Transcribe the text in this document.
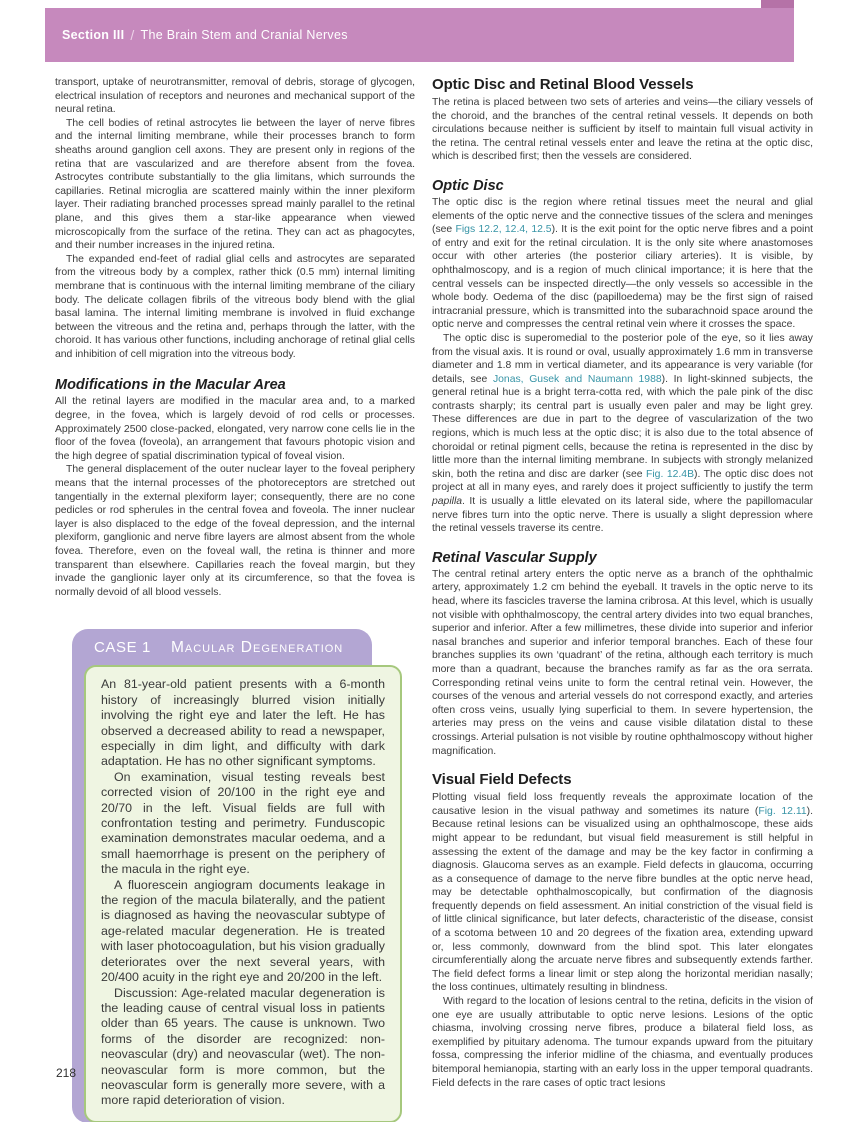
Section III / The Brain Stem and Cranial Nerves

transport, uptake of neurotransmitter, removal of debris, storage of glycogen, electrical insulation of receptors and neurones and mechanical support of the neural retina.

The cell bodies of retinal astrocytes lie between the layer of nerve fibres and the internal limiting membrane, while their processes branch to form sheaths around ganglion cell axons. They are present only in regions of the retina that are vascularized and are therefore absent from the fovea. Astrocytes contribute substantially to the glia limitans, which surrounds the capillaries. Retinal microglia are scattered mainly within the inner plexiform layer. Their radiating branched processes spread mainly parallel to the retinal plane, and this gives them a star-like appearance when viewed microscopically from the surface of the retina. They can act as phagocytes, and their number increases in the injured retina.

The expanded end-feet of radial glial cells and astrocytes are separated from the vitreous body by a complex, rather thick (0.5 mm) internal limiting membrane that is continuous with the internal limiting membrane of the ciliary body. The delicate collagen fibrils of the vitreous body blend with the glial basal lamina. The internal limiting membrane is involved in fluid exchange between the vitreous and the retina and, perhaps through the latter, with the choroid. It has various other functions, including anchorage of retinal glial cells and inhibition of cell migration into the vitreous body.

Modifications in the Macular Area

All the retinal layers are modified in the macular area and, to a marked degree, in the fovea, which is largely devoid of rod cells or processes. Approximately 2500 close-packed, elongated, very narrow cone cells lie in the floor of the fovea (foveola), an arrangement that favours photopic vision and the high degree of spatial discrimination typical of foveal vision.

The general displacement of the outer nuclear layer to the foveal periphery means that the internal processes of the photoreceptors are stretched out tangentially in the external plexiform layer; consequently, there are no cone pedicles or rod spherules in the central fovea and foveola. The inner nuclear layer is also displaced to the edge of the foveal depression, and the internal plexiform, ganglionic and nerve fibre layers are almost absent from the whole fovea. Therefore, even on the foveal wall, the retina is thinner and more transparent than elsewhere. Capillaries reach the foveal margin, but they invade the ganglionic layer only at its circumference, so that the fovea is normally devoid of all blood vessels.

CASE 1 Macular Degeneration

An 81-year-old patient presents with a 6-month history of increasingly blurred vision initially involving the right eye and later the left. He has observed a decreased ability to read a newspaper, especially in dim light, and difficulty with dark adaptation. He has no other significant symptoms.

On examination, visual testing reveals best corrected vision of 20/100 in the right eye and 20/70 in the left. Visual fields are full with confrontation testing and perimetry. Funduscopic examination demonstrates macular oedema, and a small haemorrhage is present on the periphery of the macula in the right eye.

A fluorescein angiogram documents leakage in the region of the macula bilaterally, and the patient is diagnosed as having the neovascular subtype of age-related macular degeneration. He is treated with laser photocoagulation, but his vision gradually deteriorates over the next several years, with 20/400 acuity in the right eye and 20/200 in the left.

Discussion: Age-related macular degeneration is the leading cause of central visual loss in patients older than 65 years. The cause is unknown. Two forms of the disorder are recognized: non-neovascular (dry) and neovascular (wet). The non-neovascular form is more common, but the neovascular form is generally more severe, with a more rapid deterioration of vision.

Optic Disc and Retinal Blood Vessels

The retina is placed between two sets of arteries and veins—the ciliary vessels of the choroid, and the branches of the central retinal vessels. It depends on both circulations because neither is sufficient by itself to maintain full visual activity in the retina. The central retinal vessels enter and leave the retina at the optic disc, which is described first; then the vessels are considered.

Optic Disc

The optic disc is the region where retinal tissues meet the neural and glial elements of the optic nerve and the connective tissues of the sclera and meninges (see Figs 12.2, 12.4, 12.5). It is the exit point for the optic nerve fibres and a point of entry and exit for the retinal circulation. It is the only site where anastomoses occur with other arteries (the posterior ciliary arteries). It is visible, by ophthalmoscopy, and is a region of much clinical importance; it is here that the central vessels can be inspected directly—the only vessels so accessible in the whole body. Oedema of the disc (papilloedema) may be the first sign of raised intracranial pressure, which is transmitted into the subarachnoid space around the optic nerve and compresses the central retinal vein where it crosses the space.

The optic disc is superomedial to the posterior pole of the eye, so it lies away from the visual axis. It is round or oval, usually approximately 1.6 mm in transverse diameter and 1.8 mm in vertical diameter, and its appearance is very variable (for details, see Jonas, Gusek and Naumann 1988). In light-skinned subjects, the general retinal hue is a bright terra-cotta red, with which the pale pink of the disc contrasts sharply; its central part is usually even paler and may be light grey. These differences are due in part to the degree of vascularization of the two regions, which is much less at the optic disc; it is also due to the total absence of choroidal or retinal pigment cells, because the retina is represented in the disc by little more than the internal limiting membrane. In subjects with strongly melanized skin, both the retina and disc are darker (see Fig. 12.4B). The optic disc does not project at all in many eyes, and rarely does it project sufficiently to justify the term papilla. It is usually a little elevated on its lateral side, where the papillomacular nerve fibres turn into the optic nerve. There is usually a slight depression where the retinal vessels traverse its centre.

Retinal Vascular Supply

The central retinal artery enters the optic nerve as a branch of the ophthalmic artery, approximately 1.2 cm behind the eyeball. It travels in the optic nerve to its head, where its fascicles traverse the lamina cribrosa. At this level, which is usually not visible with ophthalmoscopy, the central artery divides into two equal branches, superior and inferior. After a few millimetres, these divide into superior and inferior nasal branches and superior and inferior temporal branches. Each of these four branches supplies its own ‘quadrant’ of the retina, although each territory is much more than a quadrant, because the branches ramify as far as the ora serrata. Corresponding retinal veins unite to form the central retinal vein. However, the courses of the venous and arterial vessels do not correspond exactly, and arteries often cross veins, usually lying superficial to them. In severe hypertension, the arteries may press on the veins and cause visible dilatation distal to these crossings. Arterial pulsation is not visible by routine ophthalmoscopy without higher magnification.

Visual Field Defects

Plotting visual field loss frequently reveals the approximate location of the causative lesion in the visual pathway and sometimes its nature (Fig. 12.11). Because retinal lesions can be visualized using an ophthalmoscope, these aids might appear to be redundant, but visual field measurement is still helpful in assessing the extent of the damage and may be the key factor in confirming a diagnosis. Glaucoma serves as an example. Field defects in glaucoma, occurring as a consequence of damage to the nerve fibre bundles at the optic nerve head, may be detectable ophthalmoscopically, but confirmation of the diagnosis frequently depends on field assessment. An initial constriction of the visual field is of little clinical significance, but later defects, characteristic of the disease, consist of a scotoma between 10 and 20 degrees of the fixation area, extending upward or, less commonly, downward from the blind spot. This later elongates circumferentially along the arcuate nerve fibres and subsequently extends farther. The field defect forms a linear limit or step along the horizontal meridian nasally; the loss continues, ultimately resulting in blindness.

With regard to the location of lesions central to the retina, deficits in the vision of one eye are usually attributable to optic nerve lesions. Lesions of the optic chiasma, involving crossing nerve fibres, produce a bilateral field loss, as exemplified by pituitary adenoma. The tumour expands upward from the pituitary fossa, compressing the inferior midline of the chiasma, and eventually produces bitemporal hemianopia, starting with an early loss in the upper temporal quadrants. Field defects in the rare cases of optic tract lesions

218
